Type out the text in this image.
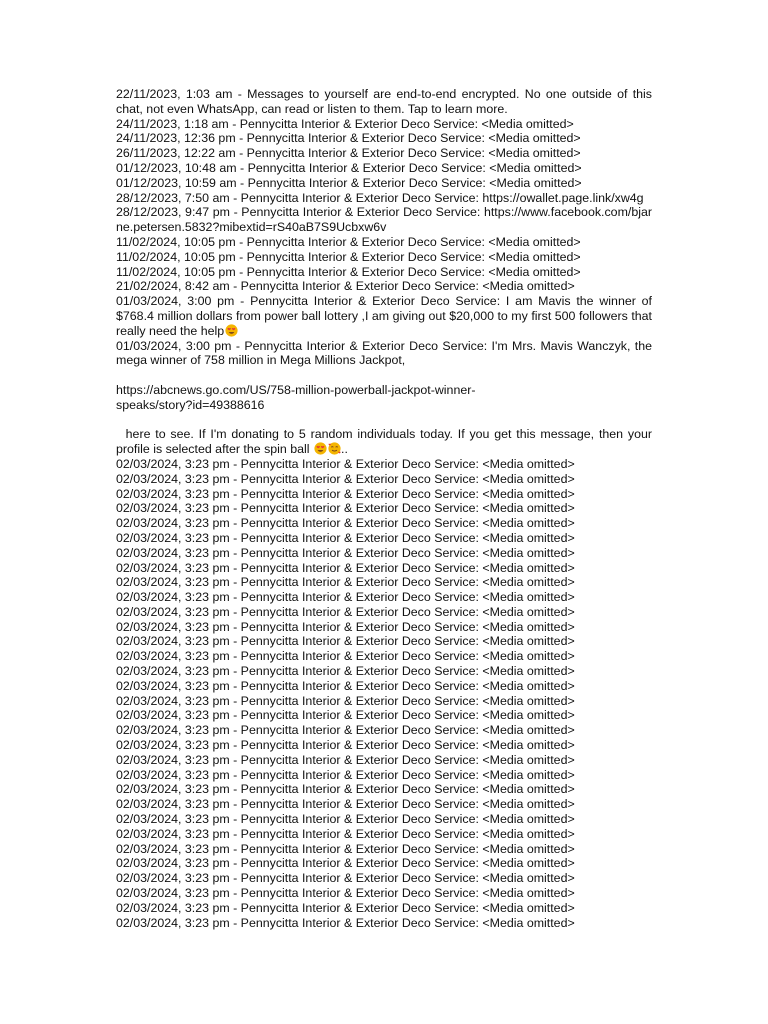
22/11/2023, 1:03 am - Messages to yourself are end-to-end encrypted. No one outside of this chat, not even WhatsApp, can read or listen to them. Tap to learn more.
24/11/2023, 1:18 am - Pennycitta Interior & Exterior Deco Service: <Media omitted>
24/11/2023, 12:36 pm - Pennycitta Interior & Exterior Deco Service: <Media omitted>
26/11/2023, 12:22 am - Pennycitta Interior & Exterior Deco Service: <Media omitted>
01/12/2023, 10:48 am - Pennycitta Interior & Exterior Deco Service: <Media omitted>
01/12/2023, 10:59 am - Pennycitta Interior & Exterior Deco Service: <Media omitted>
28/12/2023, 7:50 am - Pennycitta Interior & Exterior Deco Service: https://owallet.page.link/xw4g
28/12/2023, 9:47 pm - Pennycitta Interior & Exterior Deco Service: https://www.facebook.com/bjarne.petersen.5832?mibextid=rS40aB7S9Ucbxw6v
11/02/2024, 10:05 pm - Pennycitta Interior & Exterior Deco Service: <Media omitted>
11/02/2024, 10:05 pm - Pennycitta Interior & Exterior Deco Service: <Media omitted>
11/02/2024, 10:05 pm - Pennycitta Interior & Exterior Deco Service: <Media omitted>
21/02/2024, 8:42 am - Pennycitta Interior & Exterior Deco Service: <Media omitted>
01/03/2024, 3:00 pm - Pennycitta Interior & Exterior Deco Service: I am Mavis the winner of $768.4 million dollars from power ball lottery ,I am giving out $20,000 to my first 500 followers that really need the help
01/03/2024, 3:00 pm - Pennycitta Interior & Exterior Deco Service: I'm Mrs. Mavis Wanczyk, the mega winner of 758 million in Mega Millions Jackpot,
https://abcnews.go.com/US/758-million-powerball-jackpot-winner-
speaks/story?id=49388616
here to see. If I'm donating to 5 random individuals today. If you get this message, then your profile is selected after the spin ball	..
02/03/2024, 3:23 pm - Pennycitta Interior & Exterior Deco Service: <Media omitted>
02/03/2024, 3:23 pm - Pennycitta Interior & Exterior Deco Service: <Media omitted>
02/03/2024, 3:23 pm - Pennycitta Interior & Exterior Deco Service: <Media omitted>
02/03/2024, 3:23 pm - Pennycitta Interior & Exterior Deco Service: <Media omitted>
02/03/2024, 3:23 pm - Pennycitta Interior & Exterior Deco Service: <Media omitted>
02/03/2024, 3:23 pm - Pennycitta Interior & Exterior Deco Service: <Media omitted>
02/03/2024, 3:23 pm - Pennycitta Interior & Exterior Deco Service: <Media omitted>
02/03/2024, 3:23 pm - Pennycitta Interior & Exterior Deco Service: <Media omitted>
02/03/2024, 3:23 pm - Pennycitta Interior & Exterior Deco Service: <Media omitted>
02/03/2024, 3:23 pm - Pennycitta Interior & Exterior Deco Service: <Media omitted>
02/03/2024, 3:23 pm - Pennycitta Interior & Exterior Deco Service: <Media omitted>
02/03/2024, 3:23 pm - Pennycitta Interior & Exterior Deco Service: <Media omitted>
02/03/2024, 3:23 pm - Pennycitta Interior & Exterior Deco Service: <Media omitted>
02/03/2024, 3:23 pm - Pennycitta Interior & Exterior Deco Service: <Media omitted>
02/03/2024, 3:23 pm - Pennycitta Interior & Exterior Deco Service: <Media omitted>
02/03/2024, 3:23 pm - Pennycitta Interior & Exterior Deco Service: <Media omitted>
02/03/2024, 3:23 pm - Pennycitta Interior & Exterior Deco Service: <Media omitted>
02/03/2024, 3:23 pm - Pennycitta Interior & Exterior Deco Service: <Media omitted>
02/03/2024, 3:23 pm - Pennycitta Interior & Exterior Deco Service: <Media omitted>
02/03/2024, 3:23 pm - Pennycitta Interior & Exterior Deco Service: <Media omitted>
02/03/2024, 3:23 pm - Pennycitta Interior & Exterior Deco Service: <Media omitted>
02/03/2024, 3:23 pm - Pennycitta Interior & Exterior Deco Service: <Media omitted>
02/03/2024, 3:23 pm - Pennycitta Interior & Exterior Deco Service: <Media omitted>
02/03/2024, 3:23 pm - Pennycitta Interior & Exterior Deco Service: <Media omitted>
02/03/2024, 3:23 pm - Pennycitta Interior & Exterior Deco Service: <Media omitted>
02/03/2024, 3:23 pm - Pennycitta Interior & Exterior Deco Service: <Media omitted>
02/03/2024, 3:23 pm - Pennycitta Interior & Exterior Deco Service: <Media omitted>
02/03/2024, 3:23 pm - Pennycitta Interior & Exterior Deco Service: <Media omitted>
02/03/2024, 3:23 pm - Pennycitta Interior & Exterior Deco Service: <Media omitted>
02/03/2024, 3:23 pm - Pennycitta Interior & Exterior Deco Service: <Media omitted>
02/03/2024, 3:23 pm - Pennycitta Interior & Exterior Deco Service: <Media omitted>
02/03/2024, 3:23 pm - Pennycitta Interior & Exterior Deco Service: <Media omitted>
